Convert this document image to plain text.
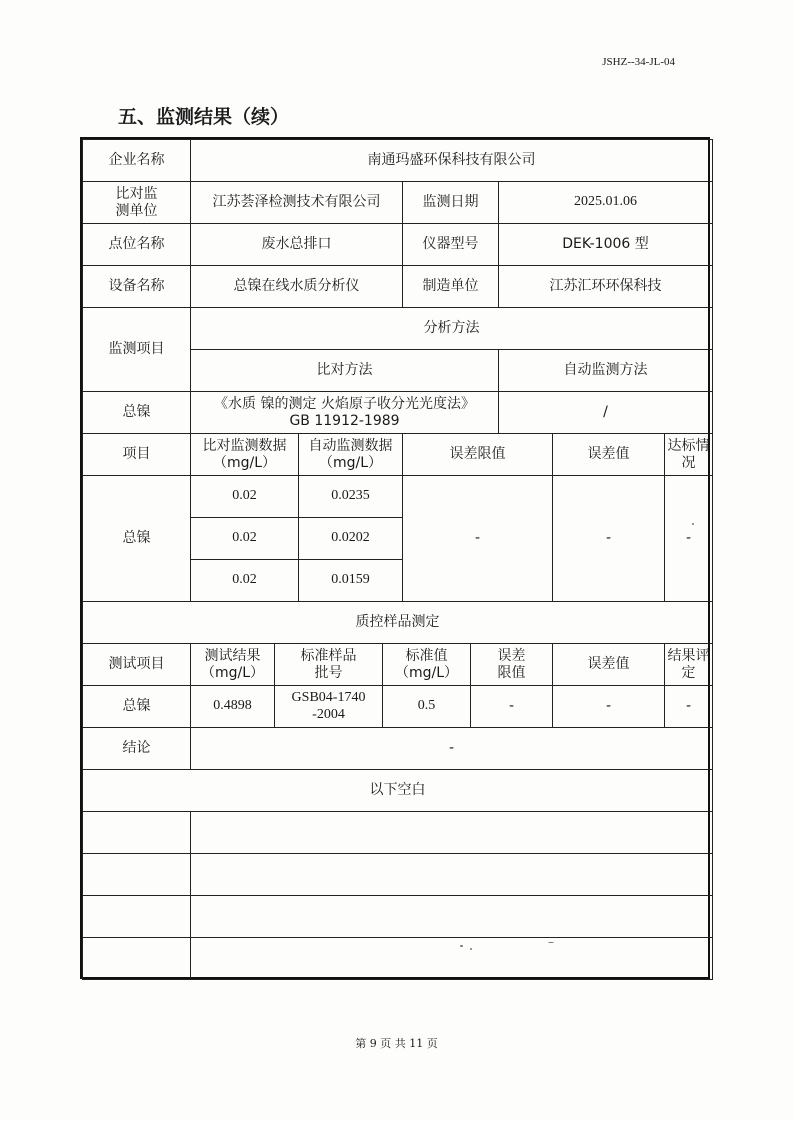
JSHZ--34-JL-04
五、监测结果（续）
企业名称	南通玛盛环保科技有限公司								
比对监测单位	江苏荟泽检测技术有限公司				监测日期		2025.01.06		
点位名称	废水总排口				仪器型号		DEK-1006 型		
设备名称	总镍在线水质分析仪				制造单位		江苏汇环环保科技		
监测项目	分析方法								
	比对方法						自动监测方法		
总镍	《水质 镍的测定 火焰原子收分光光度法》GB 11912-1989						/		
项目	比对监测数据（mg/L）		自动监测数据（mg/L）		误差限值			误差值	达标情况
总镍	0.02		0.0235		-			-	-
	0.02		0.0202						
	0.02		0.0159						
质控样品测定									
测试项目	测试结果（mg/L）	标准样品批号		标准值（mg/L）		误差限值		误差值	结果评定
总镍	0.4898	GSB04-1740-2004		0.5		-		-	-
结论	-								
以下空白									

第 9 页 共 11 页
